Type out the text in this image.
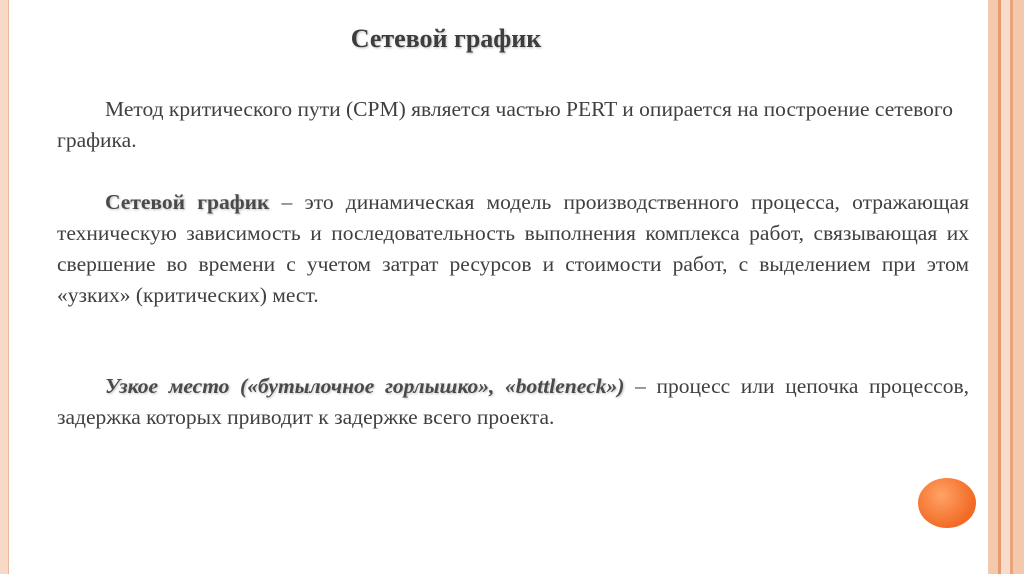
Сетевой график

Метод критического пути (CPM) является частью PERT и опирается на построение сетевого графика.

Сетевой график – это динамическая модель производственного процесса, отражающая техническую зависимость и последовательность выполнения комплекса работ, связывающая их свершение во времени с учетом затрат ресурсов и стоимости работ, с выделением при этом «узких» (критических) мест.

Узкое место («бутылочное горлышко», «bottleneck») – процесс или цепочка процессов, задержка которых приводит к задержке всего проекта.
